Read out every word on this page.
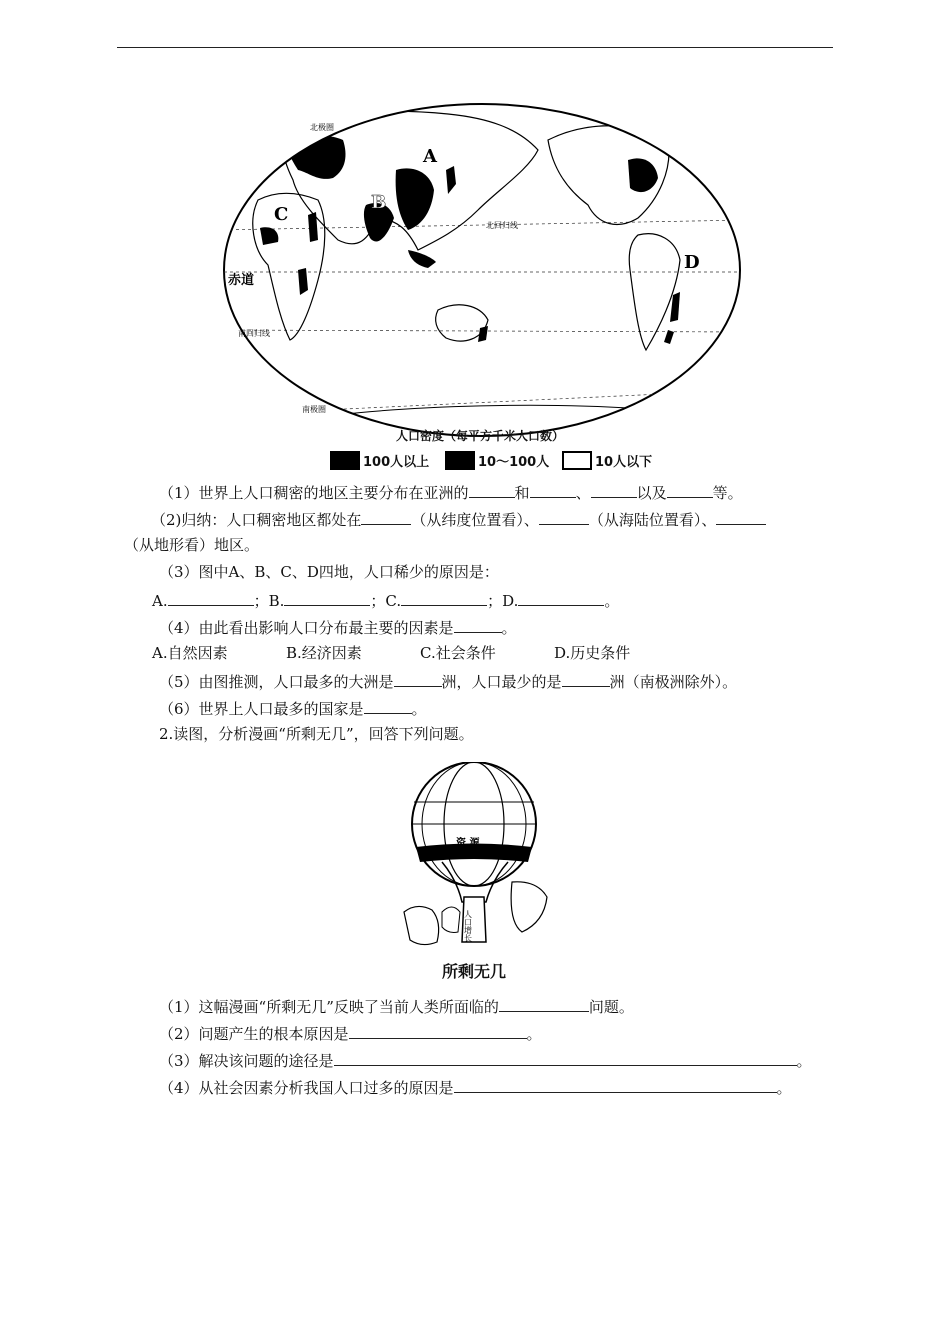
A
B
C
D
赤道
北回归线
南回归线
北极圈
南极圈
人口密度（每平方千米人口数）
100人以上	10～100人	10人以下
（1）世界上人口稠密的地区主要分布在亚洲的	和	、	以及	等。
（2)归纳：人口稠密地区都处在	（从纬度位置看）、	（从海陆位置看）、
（从地形看）地区。
（3）图中A、B、C、D四地，人口稀少的原因是：
A.	；B.	；C.	；D.	。
（4）由此看出影响人口分布最主要的因素是	。
A.自然因素	B.经济因素	C.社会条件	D.历史条件
（5）由图推测，人口最多的大洲是	洲，人口最少的是	洲（南极洲除外）。
（6）世界上人口最多的国家是	。
2.读图，分析漫画“所剩无几”，回答下列问题。
资 源
人口增长
所剩无几
（1）这幅漫画“所剩无几”反映了当前人类所面临的	问题。
（2）问题产生的根本原因是	。
（3）解决该问题的途径是	。
（4）从社会因素分析我国人口过多的原因是	。
